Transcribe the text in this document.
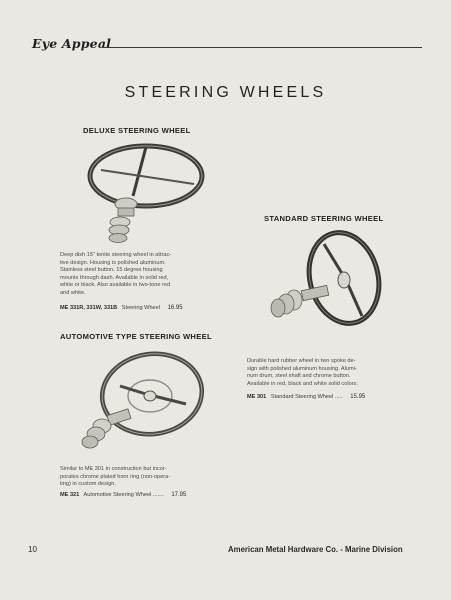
Eye Appeal
STEERING WHEELS
DELUXE STEERING WHEEL
Deep dish 15" tenite steering wheel in attrac-
tive design. Housing is polished aluminum.
Stainless steel button. 15 degree housing
mounts through dash. Available in solid red,
white or black. Also available in two-tone red
and white.
ME 331R, 331W, 331B Steering Wheel 16.95
STANDARD STEERING WHEEL
Durable hard rubber wheel in two spoke de-
sign with polished aluminum housing. Alumi-
num drum, steel shaft and chrome button.
Available in red, black and white solid colors.
ME 301 Standard Steering Wheel ..... 15.95
AUTOMOTIVE TYPE STEERING WHEEL
Similar to ME 301 in construction but incor-
porates chrome plated horn ring (non-opera-
ting) in custom design.
ME 321 Automotive Steering Wheel ....... 17.95
10	American Metal Hardware Co. - Marine Division
